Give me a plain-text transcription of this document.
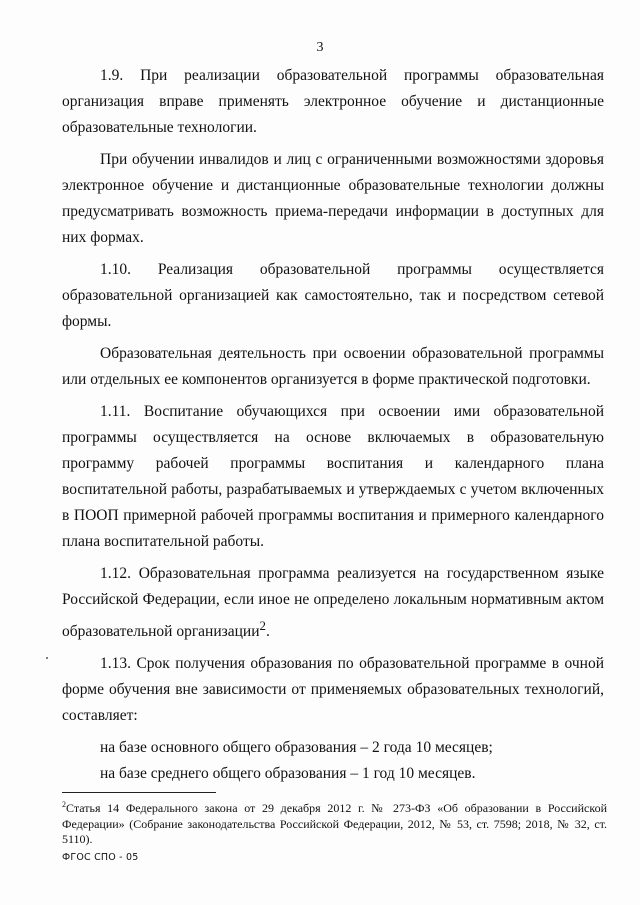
3

1.9. При реализации образовательной программы образовательная организация вправе применять электронное обучение и дистанционные образовательные технологии.

При обучении инвалидов и лиц с ограниченными возможностями здоровья электронное обучение и дистанционные образовательные технологии должны предусматривать возможность приема-передачи информации в доступных для них формах.

1.10. Реализация образовательной программы осуществляется образовательной организацией как самостоятельно, так и посредством сетевой формы.

Образовательная деятельность при освоении образовательной программы или отдельных ее компонентов организуется в форме практической подготовки.

1.11. Воспитание обучающихся при освоении ими образовательной программы осуществляется на основе включаемых в образовательную программу рабочей программы воспитания и календарного плана воспитательной работы, разрабатываемых и утверждаемых с учетом включенных в ПООП примерной рабочей программы воспитания и примерного календарного плана воспитательной работы.

1.12. Образовательная программа реализуется на государственном языке Российской Федерации, если иное не определено локальным нормативным актом образовательной организации$^2$.

1.13. Срок получения образования по образовательной программе в очной форме обучения вне зависимости от применяемых образовательных технологий, составляет:

на базе основного общего образования – 2 года 10 месяцев;

на базе среднего общего образования – 1 год 10 месяцев.

$^2$Статья 14 Федерального закона от 29 декабря 2012 г. № 273-ФЗ «Об образовании в Российской Федерации» (Собрание законодательства Российской Федерации, 2012, № 53, ст. 7598; 2018, № 32, ст. 5110).
ФГОС СПО - 05
